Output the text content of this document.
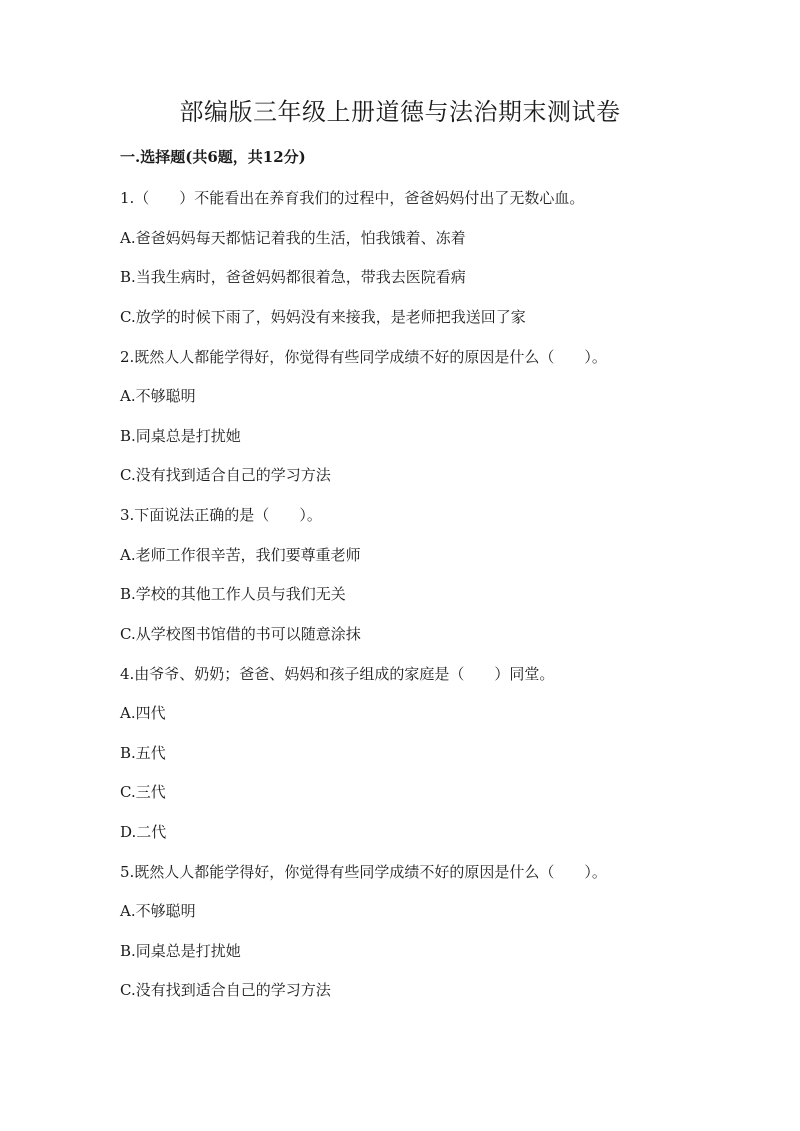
部编版三年级上册道德与法治期末测试卷

一.选择题(共6题，共12分)

1.（　　）不能看出在养育我们的过程中，爸爸妈妈付出了无数心血。

A.爸爸妈妈每天都惦记着我的生活，怕我饿着、冻着

B.当我生病时，爸爸妈妈都很着急，带我去医院看病

C.放学的时候下雨了，妈妈没有来接我，是老师把我送回了家

2.既然人人都能学得好，你觉得有些同学成绩不好的原因是什么（　　）。

A.不够聪明

B.同桌总是打扰她

C.没有找到适合自己的学习方法

3.下面说法正确的是（　　）。

A.老师工作很辛苦，我们要尊重老师

B.学校的其他工作人员与我们无关

C.从学校图书馆借的书可以随意涂抹

4.由爷爷、奶奶；爸爸、妈妈和孩子组成的家庭是（　　）同堂。

A.四代

B.五代

C.三代

D.二代

5.既然人人都能学得好，你觉得有些同学成绩不好的原因是什么（　　）。

A.不够聪明

B.同桌总是打扰她

C.没有找到适合自己的学习方法
